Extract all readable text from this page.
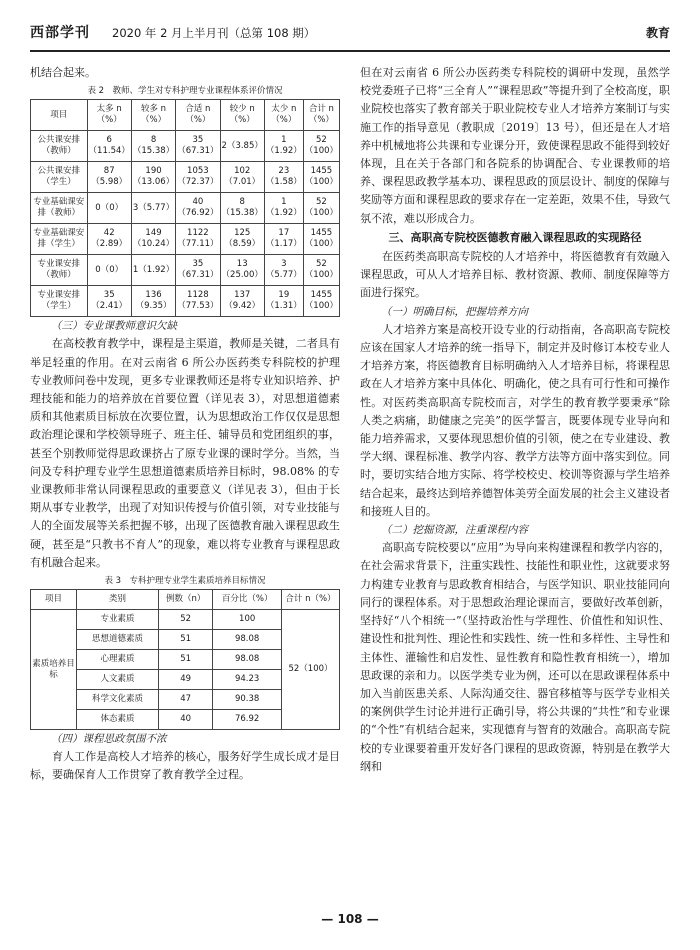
西部学刊 2020 年 2 月上半月刊（总第 108 期）	教育

机结合起来。

表 2　教师、学生对专科护理专业课程体系评价情况
项目	太多 n（%）	较多 n（%）	合适 n（%）	较少 n（%）	太少 n（%）	合计 n（%）
公共课安排（教师）	6（11.54）	8（15.38）	35（67.31）	2（3.85）	1（1.92）	52（100）
公共课安排（学生）	87（5.98）	190（13.06）	1053（72.37）	102（7.01）	23（1.58）	1455（100）
专业基础课安排（教师）	0（0）	3（5.77）	40（76.92）	8（15.38）	1（1.92）	52（100）
专业基础课安排（学生）	42（2.89）	149（10.24）	1122（77.11）	125（8.59）	17（1.17）	1455（100）
专业课安排（教师）	0（0）	1（1.92）	35（67.31）	13（25.00）	3（5.77）	52（100）
专业课安排（学生）	35（2.41）	136（9.35）	1128（77.53）	137（9.42）	19（1.31）	1455（100）
（三）专业课教师意识欠缺

在高校教育教学中，课程是主渠道，教师是关键，二者具有举足轻重的作用。在对云南省 6 所公办医药类专科院校的护理专业教师问卷中发现，更多专业课教师还是将专业知识培养、护理技能和能力的培养放在首要位置（详见表 3），对思想道德素质和其他素质目标放在次要位置，认为思想政治工作仅仅是思想政治理论课和学校领导班子、班主任、辅导员和党团组织的事，甚至个别教师觉得思政课挤占了原专业课的课时学分。当然，当问及专科护理专业学生思想道德素质培养目标时，98.08% 的专业课教师非常认同课程思政的重要意义（详见表 3），但由于长期从事专业教学，出现了对知识传授与价值引领，对专业技能与人的全面发展等关系把握不够，出现了医德教育融入课程思政生硬，甚至是“只教书不育人”的现象，难以将专业教育与课程思政有机融合起来。

表 3　专科护理专业学生素质培养目标情况
项目	类别	例数（n）	百分比（%）	合计 n（%）
素质培养目标	专业素质	52	100	52（100）
	思想道德素质	51	98.08	
	心理素质	51	98.08	
	人文素质	49	94.23	
	科学文化素质	47	90.38	
	体态素质	40	76.92	
（四）课程思政氛围不浓

育人工作是高校人才培养的核心，服务好学生成长成才是目标，要确保育人工作贯穿了教育教学全过程。

但在对云南省 6 所公办医药类专科院校的调研中发现，虽然学校党委班子已将“三全育人”“课程思政”等提升到了全校高度，职业院校也落实了教育部关于职业院校专业人才培养方案制订与实施工作的指导意见（教职成〔2019〕13 号），但还是在人才培养中机械地将公共课和专业课分开，致使课程思政不能得到较好体现，且在关于各部门和各院系的协调配合、专业课教师的培养、课程思政教学基本功、课程思政的顶层设计、制度的保障与奖励等方面和课程思政的要求存在一定差距，效果不佳，导致气氛不浓，难以形成合力。

三、高职高专院校医德教育融入课程思政的实现路径

在医药类高职高专院校的人才培养中，将医德教育有效融入课程思政，可从人才培养目标、教材资源、教师、制度保障等方面进行探究。

（一）明确目标，把握培养方向

人才培养方案是高校开设专业的行动指南，各高职高专院校应该在国家人才培养的统一指导下，制定并及时修订本校专业人才培养方案，将医德教育目标明确纳入人才培养目标，将课程思政在人才培养方案中具体化、明确化，使之具有可行性和可操作性。对医药类高职高专院校而言，对学生的教育教学要秉承“除人类之病痛，助健康之完美”的医学誓言，既要体现专业导向和能力培养需求，又要体现思想价值的引领，使之在专业建设、教学大纲、课程标准、教学内容、教学方法等方面中落实到位。同时，要切实结合地方实际、将学校校史、校训等资源与学生培养结合起来，最终达到培养德智体美劳全面发展的社会主义建设者和接班人目的。

（二）挖掘资源，注重课程内容

高职高专院校要以“应用”为导向来构建课程和教学内容的，在社会需求背景下，注重实践性、技能性和职业性，这就要求努力构建专业教育与思政教育相结合，与医学知识、职业技能同向同行的课程体系。对于思想政治理论课而言，要做好改革创新，坚持好“八个相统一”（坚持政治性与学理性、价值性和知识性、建设性和批判性、理论性和实践性、统一性和多样性、主导性和主体性、灌输性和启发性、显性教育和隐性教育相统一），增加思政课的亲和力。以医学类专业为例，还可以在思政课程体系中加入当前医患关系、人际沟通交往、器官移植等与医学专业相关的案例供学生讨论并进行正确引导，将公共课的“共性”和专业课的“个性”有机结合起来，实现德育与智育的效融合。高职高专院校的专业课要着重开发好各门课程的思政资源，特别是在教学大纲和

— 108 —
